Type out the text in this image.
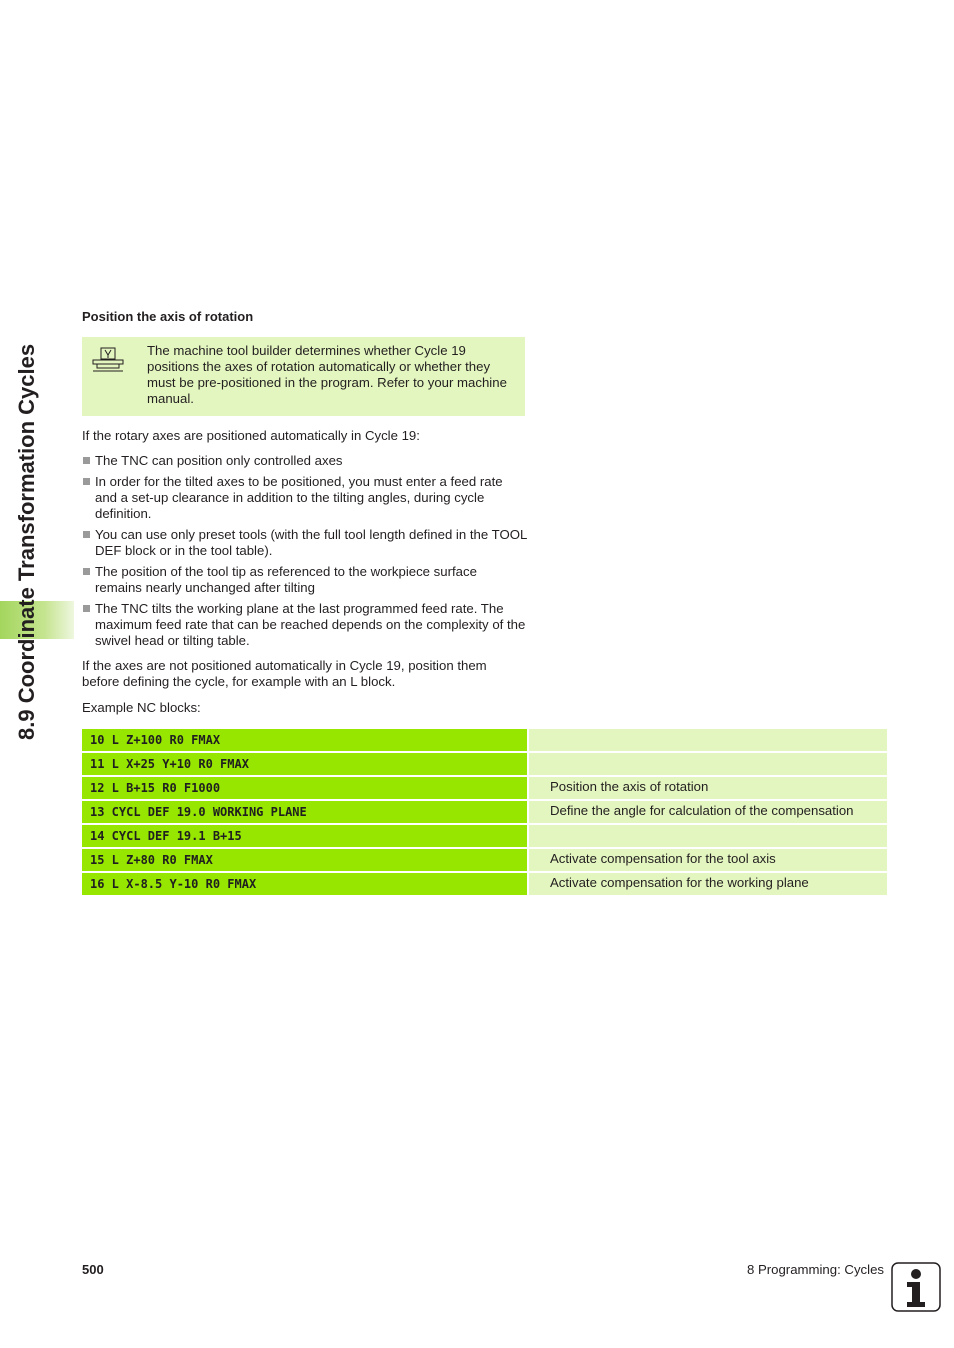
8.9 Coordinate Transformation Cycles
Position the axis of rotation
The machine tool builder determines whether Cycle 19 positions the axes of rotation automatically or whether they must be pre-positioned in the program. Refer to your machine manual.
If the rotary axes are positioned automatically in Cycle 19:
The TNC can position only controlled axes
In order for the tilted axes to be positioned, you must enter a feed rate and a set-up clearance in addition to the tilting angles, during cycle definition.
You can use only preset tools (with the full tool length defined in the TOOL DEF block or in the tool table).
The position of the tool tip as referenced to the workpiece surface remains nearly unchanged after tilting
The TNC tilts the working plane at the last programmed feed rate. The maximum feed rate that can be reached depends on the complexity of the swivel head or tilting table.
If the axes are not positioned automatically in Cycle 19, position them before defining the cycle, for example with an L block.
Example NC blocks:
10 L Z+100 R0 FMAX
11 L X+25 Y+10 R0 FMAX
12 L B+15 R0 F1000	Position the axis of rotation
13 CYCL DEF 19.0 WORKING PLANE	Define the angle for calculation of the compensation
14 CYCL DEF 19.1 B+15
15 L Z+80 R0 FMAX	Activate compensation for the tool axis
16 L X-8.5 Y-10 R0 FMAX	Activate compensation for the working plane
500	8 Programming: Cycles
